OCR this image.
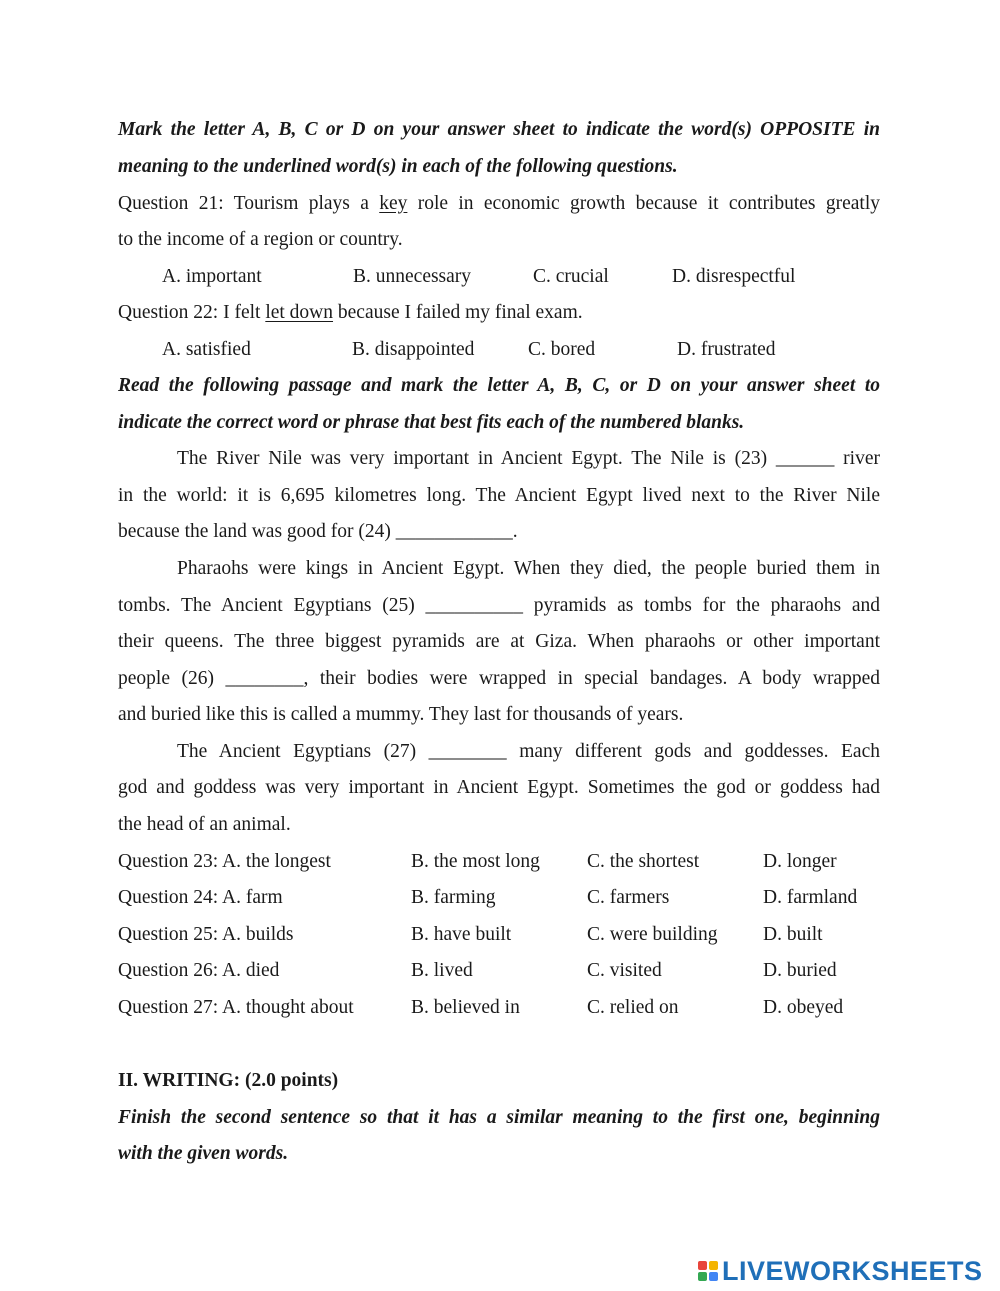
Mark the letter A, B, C or D on your answer sheet to indicate the word(s) OPPOSITE in
meaning to the underlined word(s) in each of the following questions.
Question 21: Tourism plays a key role in economic growth because it contributes greatly
to the income of a region or country.
A. important	B. unnecessary	C. crucial	D. disrespectful
Question 22: I felt let down because I failed my final exam.
A. satisfied	B. disappointed	C. bored	D. frustrated
Read the following passage and mark the letter A, B, C, or D on your answer sheet to
indicate the correct word or phrase that best fits each of the numbered blanks.
The River Nile was very important in Ancient Egypt. The Nile is (23) ______ river
in the world: it is 6,695 kilometres long. The Ancient Egypt lived next to the River Nile
because the land was good for (24) ____________.
Pharaohs were kings in Ancient Egypt. When they died, the people buried them in
tombs. The Ancient Egyptians (25) __________ pyramids as tombs for the pharaohs and
their queens. The three biggest pyramids are at Giza. When pharaohs or other important
people (26) ________, their bodies were wrapped in special bandages. A body wrapped
and buried like this is called a mummy. They last for thousands of years.
The Ancient Egyptians (27) ________ many different gods and goddesses. Each
god and goddess was very important in Ancient Egypt. Sometimes the god or goddess had
the head of an animal.
Question 23: A. the longest	B. the most long C. the shortest	D. longer
Question 24: A. farm	B. farming	C. farmers	D. farmland
Question 25: A. builds	B. have built	C. were building D. built
Question 26: A. died	B. lived	C. visited	D. buried
Question 27: A. thought about	B. believed in	C. relied on	D. obeyed
II. WRITING: (2.0 points)
Finish the second sentence so that it has a similar meaning to the first one, beginning
with the given words.
LIVEWORKSHEETS
